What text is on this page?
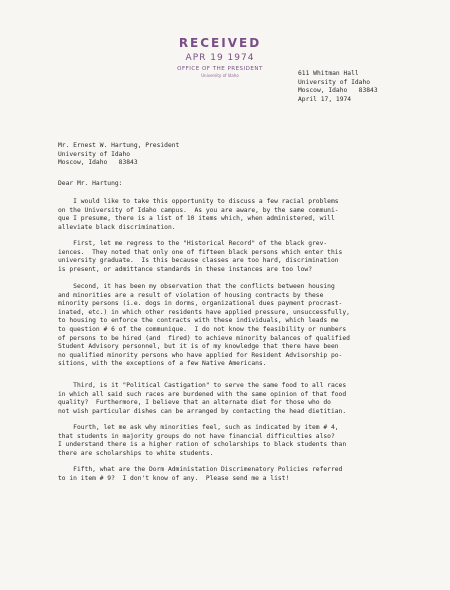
RECEIVED
APR 19 1974
OFFICE OF THE PRESIDENT
University of Idaho	611 Whitman Hall
University of Idaho
Moscow, Idaho   83843
April 17, 1974
Mr. Ernest W. Hartung, President
University of Idaho
Moscow, Idaho   83843
Dear Mr. Hartung:
I would like to take this opportunity to discuss a few racial problems
on the University of Idaho campus.  As you are aware, by the same communi-
que I presume, there is a list of 10 items which, when administered, will
alleviate black discrimination.
First, let me regress to the "Historical Record" of the black grev-
iences.  They noted that only one of fifteen black persons which enter this
university graduate.  Is this because classes are too hard, discrimination
is present, or admittance standards in these instances are too low?
Second, it has been my observation that the conflicts between housing
and minorities are a result of violation of housing contracts by these
minority persons (i.e. dogs in dorms, organizational dues payment procrast-
inated, etc.) in which other residents have applied pressure, unsuccessfully,
to housing to enforce the contracts with these individuals, which leads me
to question # 6 of the communique.  I do not know the feasibility or numbers
of persons to be hired (and  fired) to achieve minority balances of qualified
Student Advisory personnel, but it is of my knowledge that there have been
no qualified minority persons who have applied for Resident Advisorship po-
sitions, with the exceptions of a few Native Americans.
Third, is it "Political Castigation" to serve the same food to all races
in which all said such races are burdened with the same opinion of that food
quality?  Furthermore, I believe that an alternate diet for those who do
not wish particular dishes can be arranged by contacting the head dietitian.
Fourth, let me ask why minorities feel, such as indicated by item # 4,
that students in majority groups do not have financial difficulties also?
I understand there is a higher ration of scholarships to black students than
there are scholarships to white students.
Fifth, what are the Dorm Administation Discrimenatory Policies referred
to in item # 9?  I don't know of any.  Please send me a list!
